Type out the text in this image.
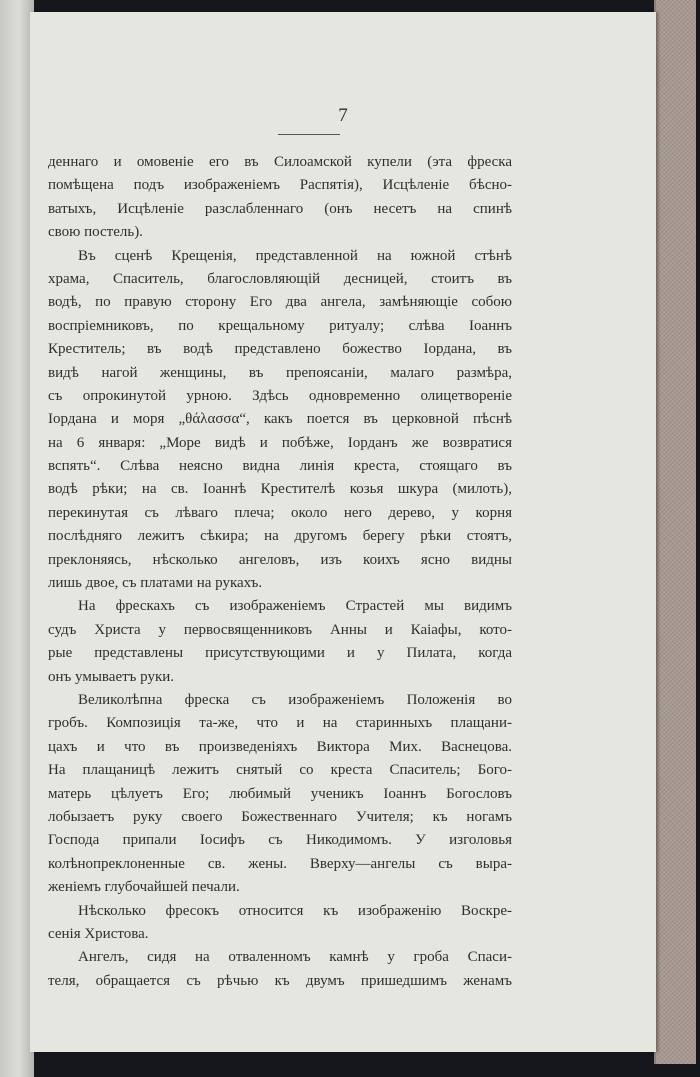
7
деннаго и омовеніе его въ Силоамской купели (эта фреска
помѣщена подъ изображеніемъ Распятія), Исцѣленіе бѣсно-
ватыхъ, Исцѣленіе разслабленнаго (онъ несетъ на спинѣ
свою постель).
Въ сценѣ Крещенія, представленной на южной стѣнѣ
храма, Спаситель, благословляющій десницей, стоитъ въ
водѣ, по правую сторону Его два ангела, замѣняющіе собою
воспріемниковъ, по крещальному ритуалу; слѣва Іоаннъ
Креститель; въ водѣ представлено божество Іордана, въ
видѣ нагой женщины, въ препоясаніи, малаго размѣра,
съ опрокинутой урною. Здѣсь одновременно олицетвореніе
Іордана и моря „θάλασσα“, какъ поется въ церковной пѣснѣ
на 6 января: „Море видѣ и побѣже, Іорданъ же возвратися
вспять“. Слѣва неясно видна линія креста, стоящаго въ
водѣ рѣки; на св. Іоаннѣ Крестителѣ козья шкура (милоть),
перекинутая съ лѣваго плеча; около него дерево, у корня
послѣдняго лежитъ сѣкира; на другомъ берегу рѣки стоятъ,
преклоняясь, нѣсколько ангеловъ, изъ коихъ ясно видны
лишь двое, съ платами на рукахъ.
На фрескахъ съ изображеніемъ Страстей мы видимъ
судъ Христа у первосвященниковъ Анны и Каіафы, кото-
рые представлены присутствующими и у Пилата, когда
онъ умываетъ руки.
Великолѣпна фреска съ изображеніемъ Положенія во
гробъ. Композиція та-же, что и на старинныхъ плащани-
цахъ и что въ произведеніяхъ Виктора Мих. Васнецова.
На плащаницѣ лежитъ снятый со креста Спаситель; Бого-
матерь цѣлуетъ Его; любимый ученикъ Іоаннъ Богословъ
лобызаетъ руку своего Божественнаго Учителя; къ ногамъ
Господа припали Іосифъ съ Никодимомъ. У изголовья
колѣнопреклоненные св. жены. Вверху—ангелы съ выра-
женіемъ глубочайшей печали.
Нѣсколько фресокъ относится къ изображенію Воскре-
сенія Христова.
Ангелъ, сидя на отваленномъ камнѣ у гроба Спаси-
теля, обращается съ рѣчью къ двумъ пришедшимъ женамъ
